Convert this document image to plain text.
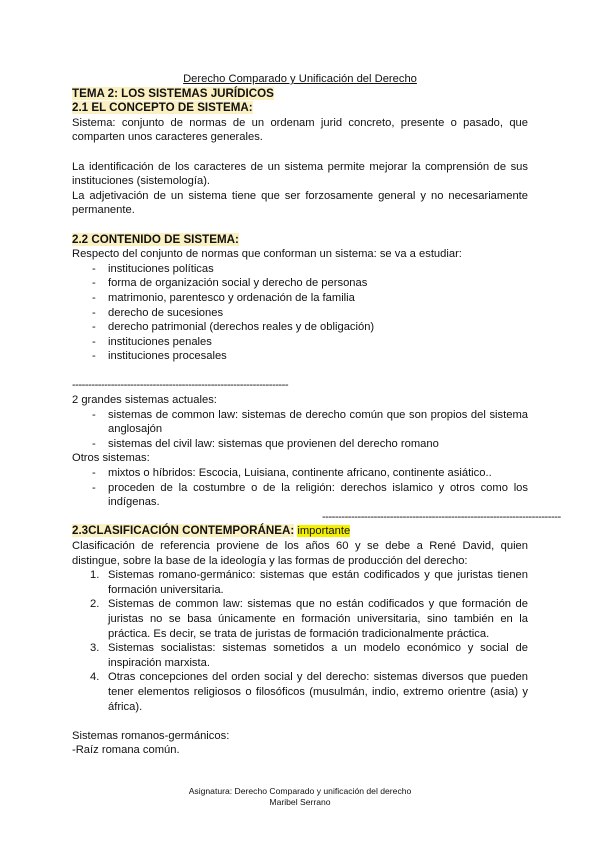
Derecho Comparado y Unificación del Derecho
TEMA 2: LOS SISTEMAS JURÍDICOS
2.1 EL CONCEPTO DE SISTEMA:

Sistema: conjunto de normas de un ordenam jurid concreto, presente o pasado, que comparten unos caracteres generales.

La identificación de los caracteres de un sistema permite mejorar la comprensión de sus instituciones (sistemología).

La adjetivación de un sistema tiene que ser forzosamente general y no necesariamente permanente.

2.2 CONTENIDO DE SISTEMA:

Respecto del conjunto de normas que conforman un sistema: se va a estudiar:

- instituciones políticas
- forma de organización social y derecho de personas
- matrimonio, parentesco y ordenación de la familia
- derecho de sucesiones
- derecho patrimonial (derechos reales y de obligación)
- instituciones penales
- instituciones procesales
-------------------------------------------------------------------

2 grandes sistemas actuales:

- sistemas de common law: sistemas de derecho común que son propios del sistema anglosajón
- sistemas del civil law: sistemas que provienen del derecho romano

Otros sistemas:

- mixtos o híbridos: Escocia, Luisiana, continente africano, continente asiático..
- proceden de la costumbre o de la religión: derechos islamico y otros como los indígenas.
--------------------------------------------------------------------------
2.3CLASIFICACIÓN CONTEMPORÁNEA: importante

Clasificación de referencia proviene de los años 60 y se debe a René David, quien distingue, sobre la base de la ideología y las formas de producción del derecho:

1. Sistemas romano-germánico: sistemas que están codificados y que juristas tienen formación universitaria.
2. Sistemas de common law: sistemas que no están codificados y que formación de juristas no se basa únicamente en formación universitaria, sino también en la práctica. Es decir, se trata de juristas de formación tradicionalmente práctica.
3. Sistemas socialistas: sistemas sometidos a un modelo económico y social de inspiración marxista.
4. Otras concepciones del orden social y del derecho: sistemas diversos que pueden tener elementos religiosos o filosóficos (musulmán, indio, extremo orientre (asia) y áfrica).

Sistemas romanos-germánicos:

-Raíz romana común.

Asignatura: Derecho Comparado y unificación del derecho
Maribel Serrano
